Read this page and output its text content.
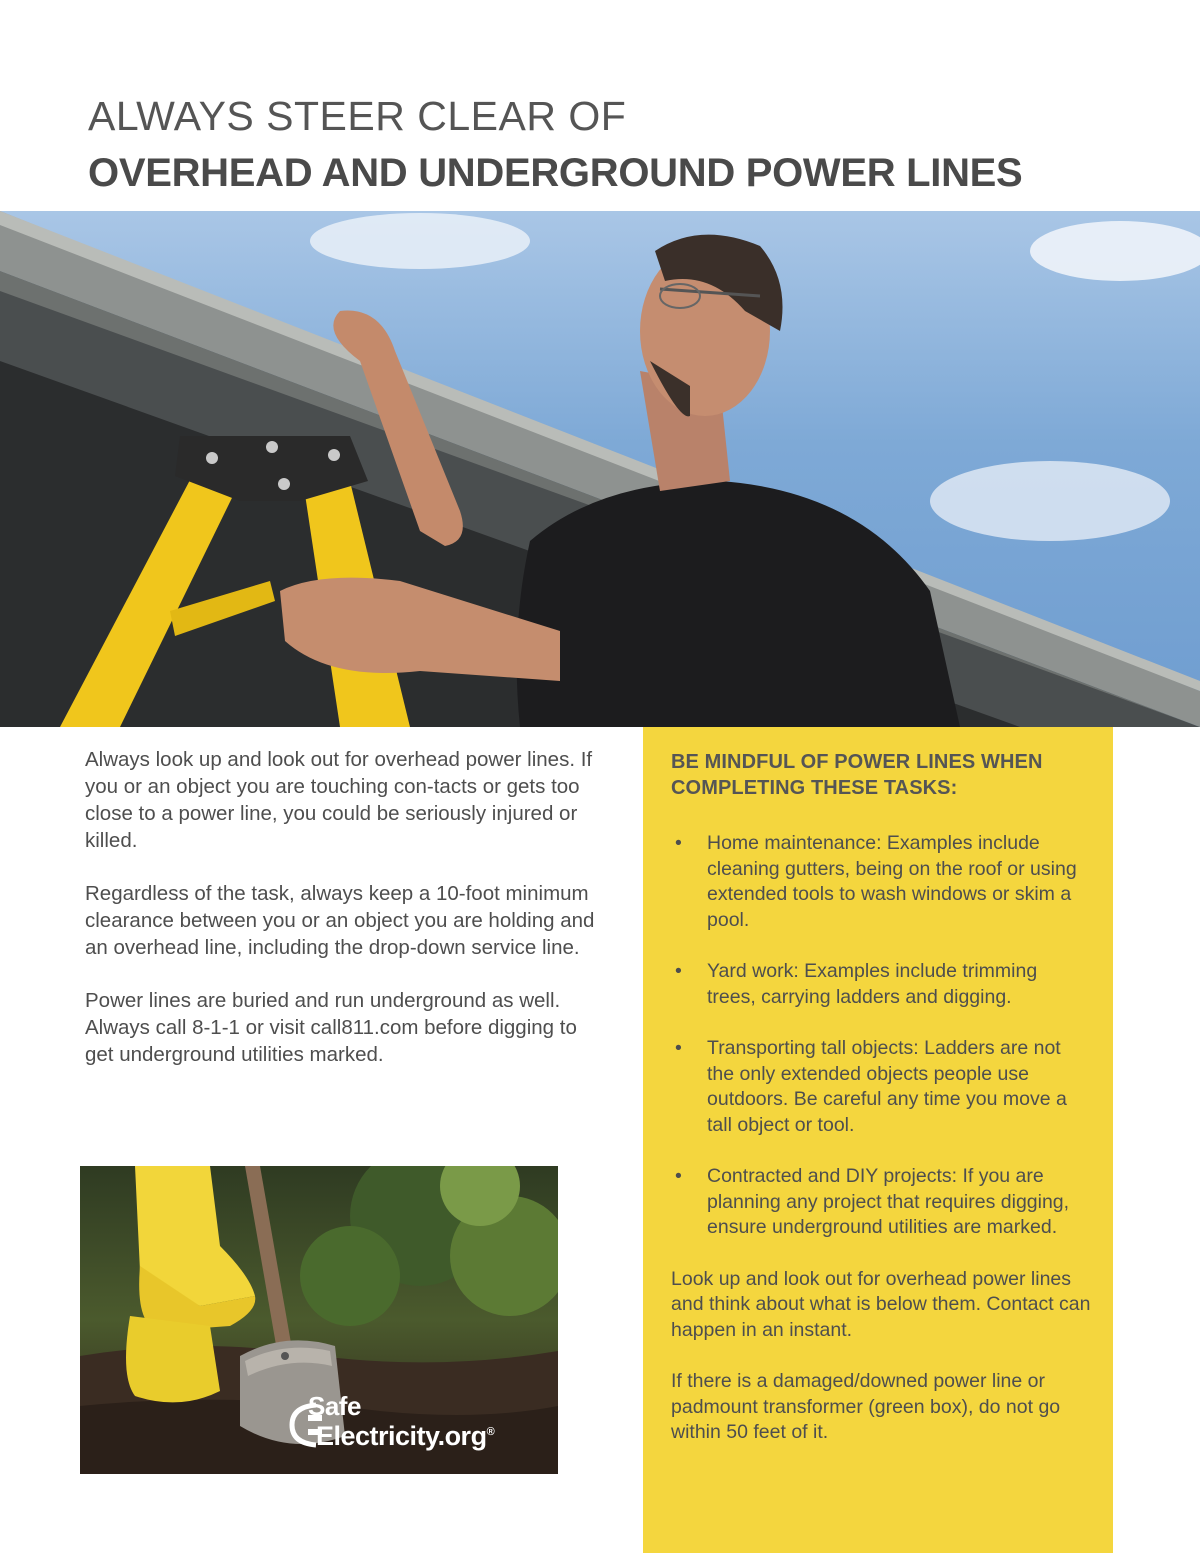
ALWAYS STEER CLEAR OF
OVERHEAD AND UNDERGROUND POWER LINES

Always look up and look out for overhead power lines. If you or an object you are touching con-tacts or gets too close to a power line, you could be seriously injured or killed.

Regardless of the task, always keep a 10-foot minimum clearance between you or an object you are holding and an overhead line, including the drop-down service line.

Power lines are buried and run underground as well. Always call 8-1-1 or visit call811.com before digging to get underground utilities marked.

Safe
Electricity.org®
BE MINDFUL OF POWER LINES WHEN COMPLETING THESE TASKS:
• Home maintenance: Examples include cleaning gutters, being on the roof or using extended tools to wash windows or skim a pool.
• Yard work: Examples include trimming trees, carrying ladders and digging.
• Transporting tall objects: Ladders are not the only extended objects people use outdoors. Be careful any time you move a tall object or tool.
• Contracted and DIY projects: If you are planning any project that requires digging, ensure underground utilities are marked.

Look up and look out for overhead power lines and think about what is below them. Contact can happen in an instant.

If there is a damaged/downed power line or padmount transformer (green box), do not go within 50 feet of it.
